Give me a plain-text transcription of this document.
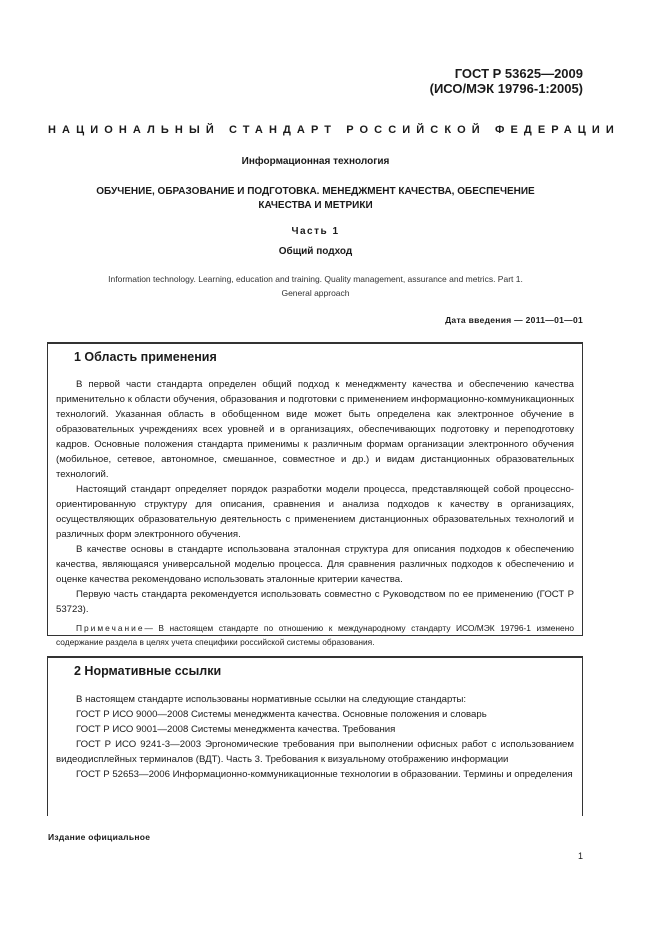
ГОСТ Р 53625—2009
(ИСО/МЭК 19796-1:2005)
НАЦИОНАЛЬНЫЙ СТАНДАРТ РОССИЙСКОЙ ФЕДЕРАЦИИ
Информационная технология
ОБУЧЕНИЕ, ОБРАЗОВАНИЕ И ПОДГОТОВКА. МЕНЕДЖМЕНТ КАЧЕСТВА, ОБЕСПЕЧЕНИЕ
КАЧЕСТВА И МЕТРИКИ
Часть 1
Общий подход
Information technology. Learning, education and training. Quality management, assurance and metrics. Part 1.
General approach
Дата введения — 2011—01—01
1 Область применения

В первой части стандарта определен общий подход к менеджменту качества и обеспечению качества применительно к области обучения, образования и подготовки с применением информационно-коммуникационных технологий. Указанная область в обобщенном виде может быть определена как электронное обучение в образовательных учреждениях всех уровней и в организациях, обеспечивающих подготовку и переподготовку кадров. Основные положения стандарта применимы к различным формам организации электронного обучения (мобильное, сетевое, автономное, смешанное, совместное и др.) и видам дистанционных образовательных технологий.

Настоящий стандарт определяет порядок разработки модели процесса, представляющей собой процессно-ориентированную структуру для описания, сравнения и анализа подходов к качеству в организациях, осуществляющих образовательную деятельность с применением дистанционных образовательных технологий и различных форм электронного обучения.

В качестве основы в стандарте использована эталонная структура для описания подходов к обеспечению качества, являющаяся универсальной моделью процесса. Для сравнения различных подходов к обеспечению и оценке качества рекомендовано использовать эталонные критерии качества.

Первую часть стандарта рекомендуется использовать совместно с Руководством по ее применению (ГОСТ Р 53723).

Примечание— В настоящем стандарте по отношению к международному стандарту ИСО/МЭК 19796-1 изменено содержание раздела в целях учета специфики российской системы образования.

2 Нормативные ссылки

В настоящем стандарте использованы нормативные ссылки на следующие стандарты:

ГОСТ Р ИСО 9000—2008 Системы менеджмента качества. Основные положения и словарь

ГОСТ Р ИСО 9001—2008 Системы менеджмента качества. Требования

ГОСТ Р ИСО 9241-3—2003 Эргономические требования при выполнении офисных работ с использованием видеодисплейных терминалов (ВДТ). Часть 3. Требования к визуальному отображению информации

ГОСТ Р 52653—2006 Информационно-коммуникационные технологии в образовании. Термины и определения

Издание официальное
1
